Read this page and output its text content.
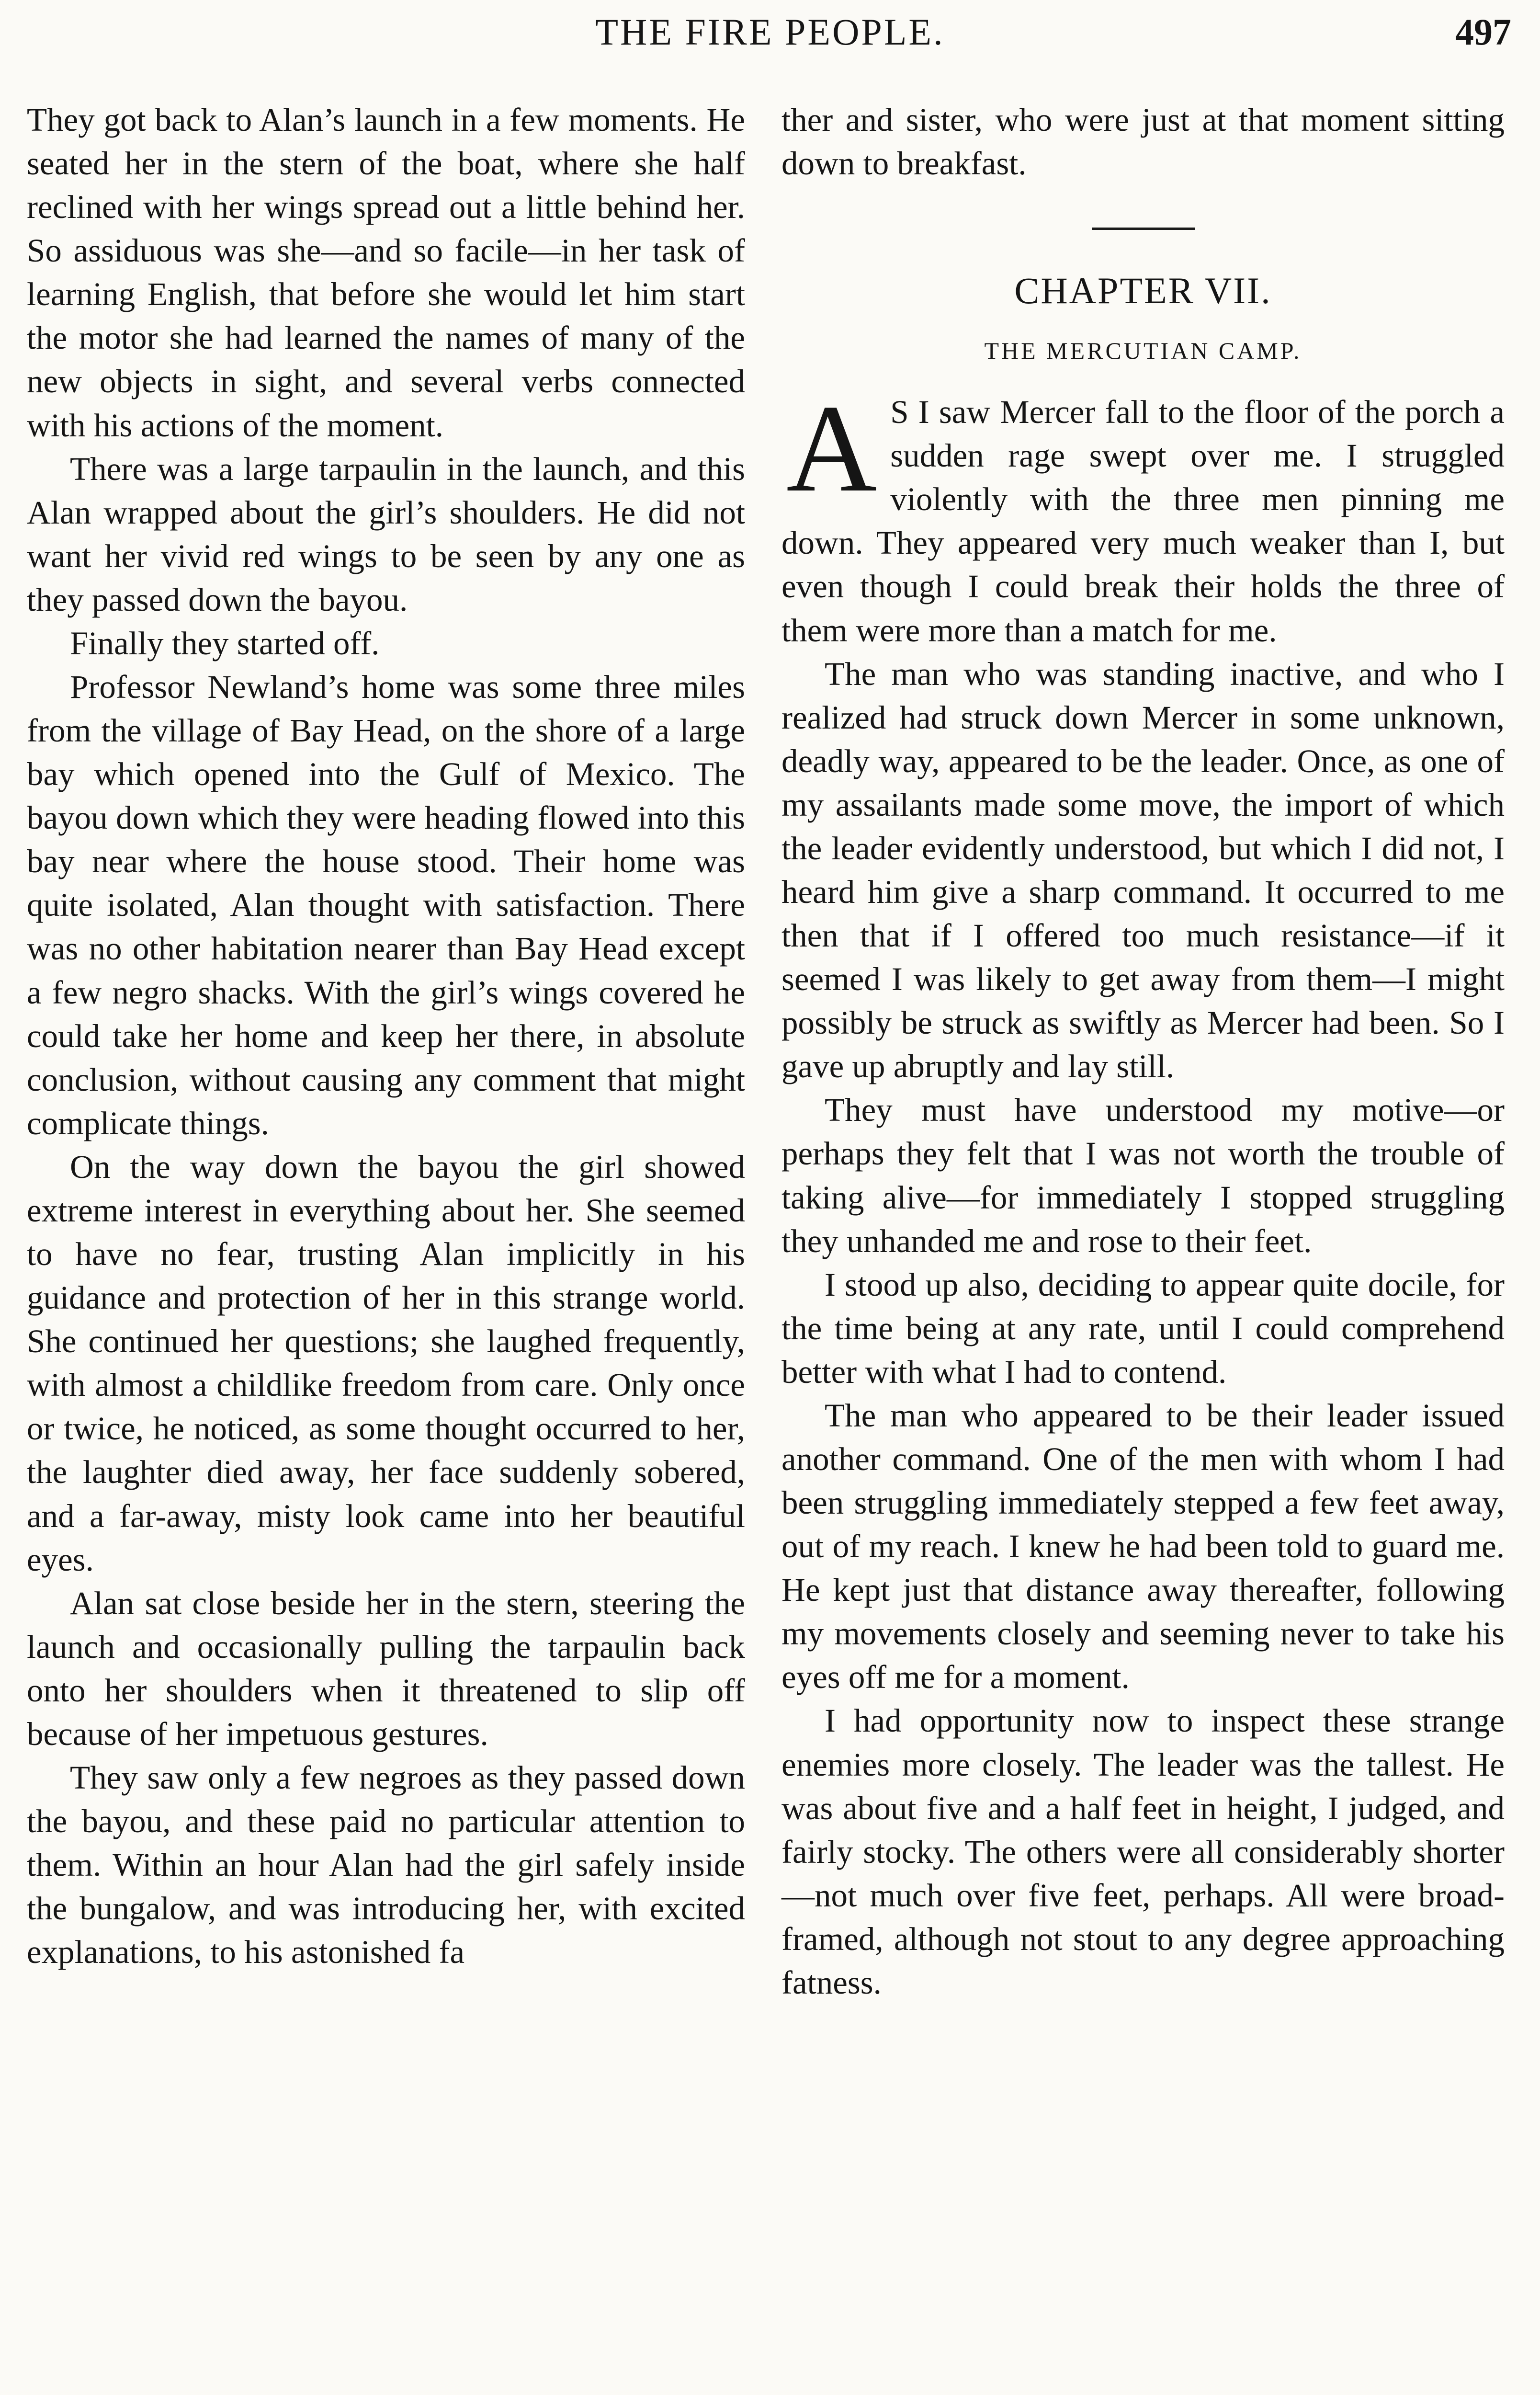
THE FIRE PEOPLE.	497

They got back to Alan’s launch in a few moments. He seated her in the stern of the boat, where she half reclined with her wings spread out a little behind her. So assiduous was she—and so facile—in her task of learning English, that before she would let him start the motor she had learned the names of many of the new objects in sight, and several verbs connected with his actions of the moment.

There was a large tarpaulin in the launch, and this Alan wrapped about the girl’s shoulders. He did not want her vivid red wings to be seen by any one as they passed down the bayou.

Finally they started off.

Professor Newland’s home was some three miles from the village of Bay Head, on the shore of a large bay which opened into the Gulf of Mexico. The bayou down which they were heading flowed into this bay near where the house stood. Their home was quite isolated, Alan thought with satisfaction. There was no other habitation nearer than Bay Head except a few negro shacks. With the girl’s wings covered he could take her home and keep her there, in absolute conclusion, without causing any comment that might complicate things.

On the way down the bayou the girl showed extreme interest in everything about her. She seemed to have no fear, trusting Alan implicitly in his guidance and protection of her in this strange world. She continued her questions; she laughed frequently, with almost a childlike freedom from care. Only once or twice, he noticed, as some thought occurred to her, the laughter died away, her face suddenly sobered, and a far-away, misty look came into her beautiful eyes.

Alan sat close beside her in the stern, steering the launch and occasionally pulling the tarpaulin back onto her shoulders when it threatened to slip off because of her impetuous gestures.

They saw only a few negroes as they passed down the bayou, and these paid no particular attention to them. Within an hour Alan had the girl safely inside the bungalow, and was introducing her, with excited explanations, to his astonished fa

ther and sister, who were just at that moment sitting down to breakfast.

CHAPTER VII.
THE MERCUTIAN CAMP.

A S I saw Mercer fall to the floor of the porch a sudden rage swept over me. I struggled violently with the three men pinning me down. They appeared very much weaker than I, but even though I could break their holds the three of them were more than a match for me.

The man who was standing inactive, and who I realized had struck down Mercer in some unknown, deadly way, appeared to be the leader. Once, as one of my assailants made some move, the import of which the leader evidently understood, but which I did not, I heard him give a sharp command. It occurred to me then that if I offered too much resistance—if it seemed I was likely to get away from them—I might possibly be struck as swiftly as Mercer had been. So I gave up abruptly and lay still.

They must have understood my motive—or perhaps they felt that I was not worth the trouble of taking alive—for immediately I stopped struggling they unhanded me and rose to their feet.

I stood up also, deciding to appear quite docile, for the time being at any rate, until I could comprehend better with what I had to contend.

The man who appeared to be their leader issued another command. One of the men with whom I had been struggling immediately stepped a few feet away, out of my reach. I knew he had been told to guard me. He kept just that distance away thereafter, following my movements closely and seeming never to take his eyes off me for a moment.

I had opportunity now to inspect these strange enemies more closely. The leader was the tallest. He was about five and a half feet in height, I judged, and fairly stocky. The others were all considerably shorter—not much over five feet, perhaps. All were broad-framed, although not stout to any degree approaching fatness.
